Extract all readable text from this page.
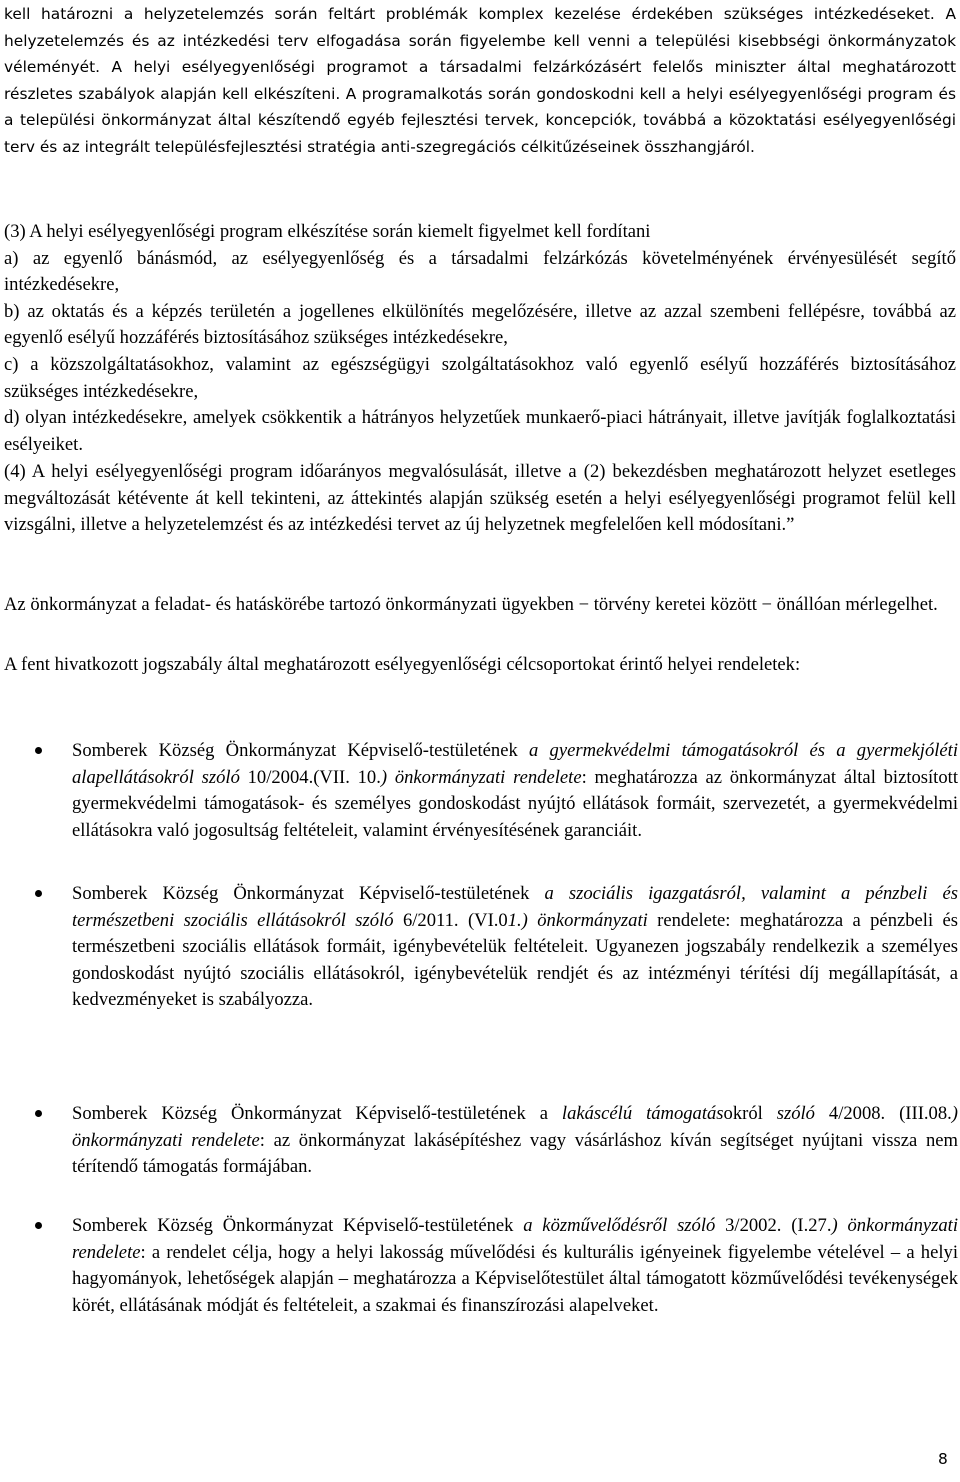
kell határozni a helyzetelemzés során feltárt problémák komplex kezelése érdekében szükséges intézkedéseket. A helyzetelemzés és az intézkedési terv elfogadása során figyelembe kell venni a települési kisebbségi önkormányzatok véleményét. A helyi esélyegyenlőségi programot a társadalmi felzárkózásért felelős miniszter által meghatározott részletes szabályok alapján kell elkészíteni. A programalkotás során gondoskodni kell a helyi esélyegyenlőségi program és a települési önkormányzat által készítendő egyéb fejlesztési tervek, koncepciók, továbbá a közoktatási esélyegyenlőségi terv és az integrált településfejlesztési stratégia anti-szegregációs célkitűzéseinek összhangjáról.

(3) A helyi esélyegyenlőségi program elkészítése során kiemelt figyelmet kell fordítani

a) az egyenlő bánásmód, az esélyegyenlőség és a társadalmi felzárkózás követelményének érvényesülését segítő intézkedésekre,

b) az oktatás és a képzés területén a jogellenes elkülönítés megelőzésére, illetve az azzal szembeni fellépésre, továbbá az egyenlő esélyű hozzáférés biztosításához szükséges intézkedésekre,

c) a közszolgáltatásokhoz, valamint az egészségügyi szolgáltatásokhoz való egyenlő esélyű hozzáférés biztosításához szükséges intézkedésekre,

d) olyan intézkedésekre, amelyek csökkentik a hátrányos helyzetűek munkaerő-piaci hátrányait, illetve javítják foglalkoztatási esélyeiket.

(4) A helyi esélyegyenlőségi program időarányos megvalósulását, illetve a (2) bekezdésben meghatározott helyzet esetleges megváltozását kétévente át kell tekinteni, az áttekintés alapján szükség esetén a helyi esélyegyenlőségi programot felül kell vizsgálni, illetve a helyzetelemzést és az intézkedési tervet az új helyzetnek megfelelően kell módosítani.”

Az önkormányzat a feladat- és hatáskörébe tartozó önkormányzati ügyekben − törvény keretei között − önállóan mérlegelhet.

A fent hivatkozott jogszabály által meghatározott esélyegyenlőségi célcsoportokat érintő helyei rendeletek:

Somberek Község Önkormányzat Képviselő-testületének a gyermekvédelmi támogatásokról és a gyermekjóléti alapellátásokról szóló 10/2004.(VII. 10.) önkormányzati rendelete: meghatározza az önkormányzat által biztosított gyermekvédelmi támogatások- és személyes gondoskodást nyújtó ellátások formáit, szervezetét, a gyermekvédelmi ellátásokra való jogosultság feltételeit, valamint érvényesítésének garanciáit.

Somberek Község Önkormányzat Képviselő-testületének a szociális igazgatásról, valamint a pénzbeli és természetbeni szociális ellátásokról szóló 6/2011. (VI.01.) önkormányzati rendelete: meghatározza a pénzbeli és természetbeni szociális ellátások formáit, igénybevételük feltételeit. Ugyanezen jogszabály rendelkezik a személyes gondoskodást nyújtó szociális ellátásokról, igénybevételük rendjét és az intézményi térítési díj megállapítását, a kedvezményeket is szabályozza.

Somberek Község Önkormányzat Képviselő-testületének a lakáscélú támogatásokról szóló 4/2008. (III.08.) önkormányzati rendelete: az önkormányzat lakásépítéshez vagy vásárláshoz kíván segítséget nyújtani vissza nem térítendő támogatás formájában.

Somberek Község Önkormányzat Képviselő-testületének a közművelődésről szóló 3/2002. (I.27.) önkormányzati rendelete: a rendelet célja, hogy a helyi lakosság művelődési és kulturális igényeinek figyelembe vételével – a helyi hagyományok, lehetőségek alapján – meghatározza a Képviselőtestület által támogatott közművelődési tevékenységek körét, ellátásának módját és feltételeit, a szakmai és finanszírozási alapelveket.

8
